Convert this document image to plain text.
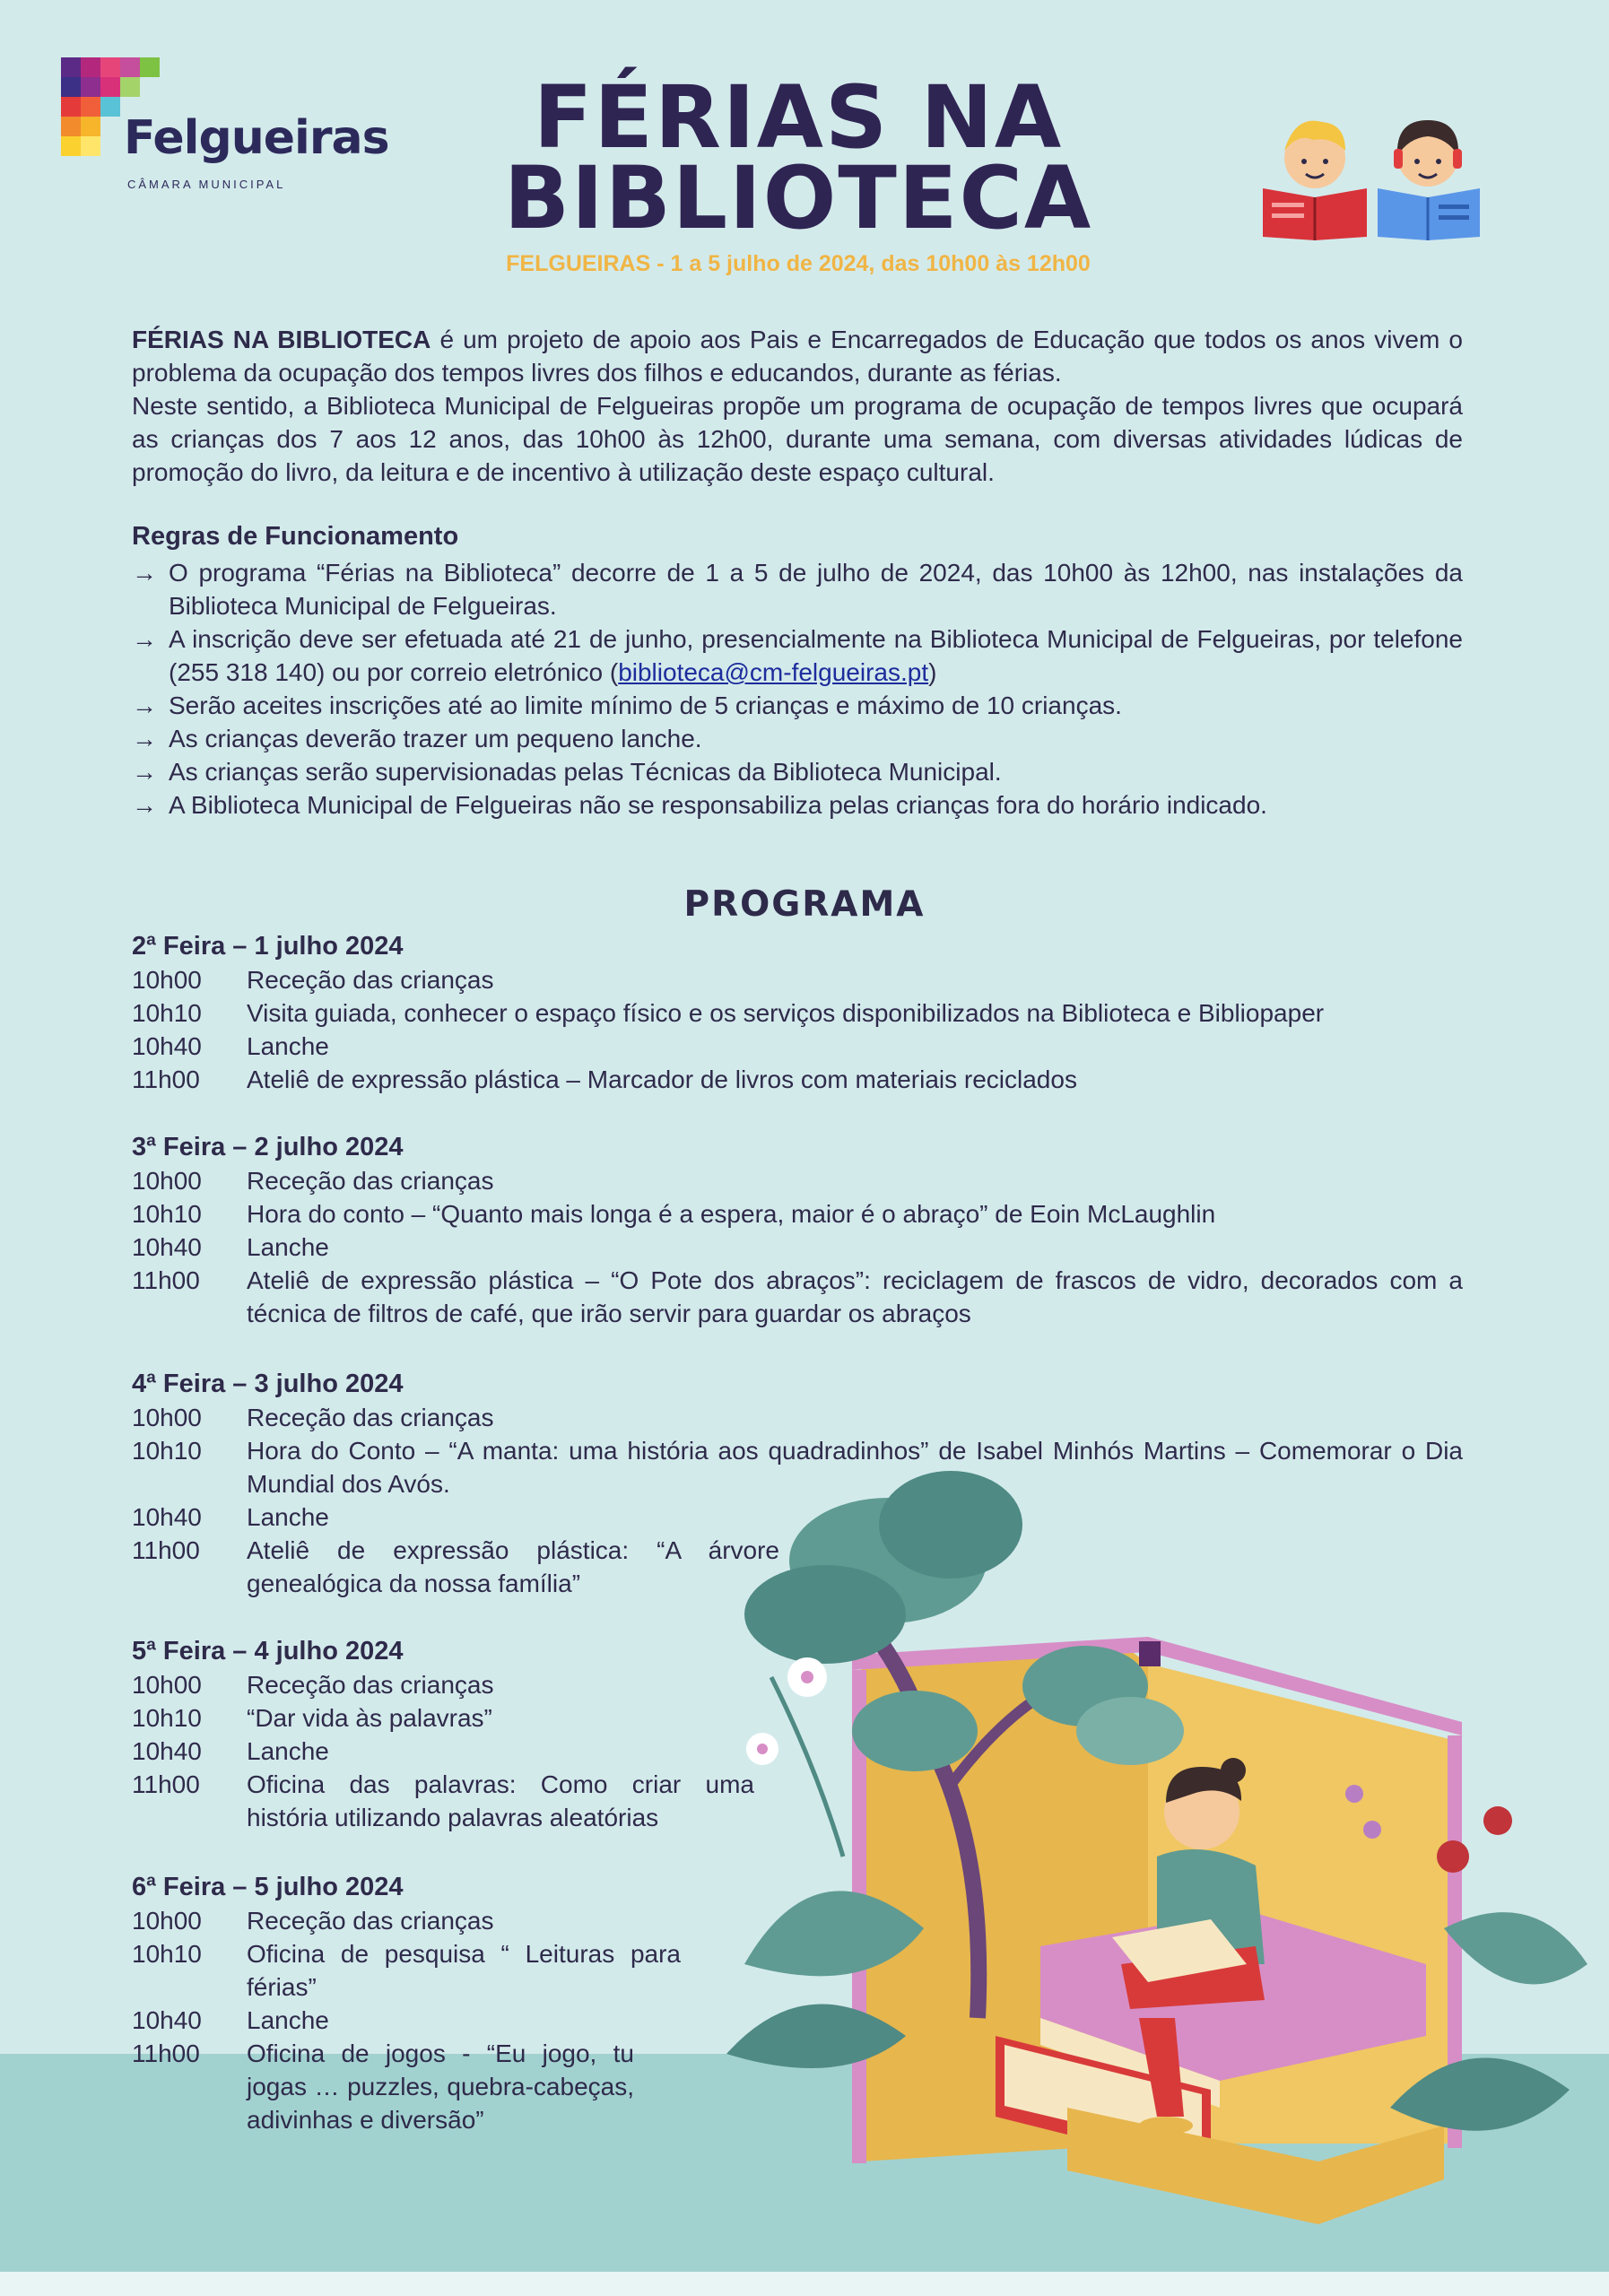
Felgueiras
CÂMARA MUNICIPAL
FÉRIAS NA
BIBLIOTECA
FELGUEIRAS - 1 a 5 julho de 2024, das 10h00 às 12h00
FÉRIAS NA BIBLIOTECA é um projeto de apoio aos Pais e Encarregados de Educação que todos os anos vivem o problema da ocupação dos tempos livres dos filhos e educandos, durante as férias.
Neste sentido, a Biblioteca Municipal de Felgueiras propõe um programa de ocupação de tempos livres que ocupará as crianças dos 7 aos 12 anos, das 10h00 às 12h00, durante uma semana, com diversas atividades lúdicas de promoção do livro, da leitura e de incentivo à utilização deste espaço cultural.
Regras de Funcionamento
→ O programa “Férias na Biblioteca” decorre de 1 a 5 de julho de 2024, das 10h00 às 12h00, nas instalações da Biblioteca Municipal de Felgueiras.
→ A inscrição deve ser efetuada até 21 de junho, presencialmente na Biblioteca Municipal de Felgueiras, por telefone (255 318 140) ou por correio eletrónico (biblioteca@cm-felgueiras.pt)
→ Serão aceites inscrições até ao limite mínimo de 5 crianças e máximo de 10 crianças.
→ As crianças deverão trazer um pequeno lanche.
→ As crianças serão supervisionadas pelas Técnicas da Biblioteca Municipal.
→ A Biblioteca Municipal de Felgueiras não se responsabiliza pelas crianças fora do horário indicado.
PROGRAMA
2ª Feira – 1 julho 2024
10h00	Receção das crianças
10h10	Visita guiada, conhecer o espaço físico e os serviços disponibilizados na Biblioteca e Bibliopaper
10h40	Lanche
11h00	Ateliê de expressão plástica – Marcador de livros com materiais reciclados
3ª Feira – 2 julho 2024
10h00	Receção das crianças
10h10	Hora do conto – “Quanto mais longa é a espera, maior é o abraço” de Eoin McLaughlin
10h40	Lanche
11h00	Ateliê de expressão plástica – “O Pote dos abraços”: reciclagem de frascos de vidro, decorados com a técnica de filtros de café, que irão servir para guardar os abraços
4ª Feira – 3 julho 2024
10h00	Receção das crianças
10h10	Hora do Conto – “A manta: uma história aos quadradinhos” de Isabel Minhós Martins – Comemorar o Dia Mundial dos Avós.
10h40	Lanche
11h00	Ateliê de expressão plástica: “A árvore genealógica da nossa família”
5ª Feira – 4 julho 2024
10h00	Receção das crianças
10h10	“Dar vida às palavras”
10h40	Lanche
11h00	Oficina das palavras: Como criar uma história utilizando palavras aleatórias
6ª Feira – 5 julho 2024
10h00	Receção das crianças
10h10	Oficina de pesquisa “ Leituras para férias”
10h40	Lanche
11h00	Oficina de jogos - “Eu jogo, tu jogas … puzzles, quebra-cabeças, adivinhas e diversão”
